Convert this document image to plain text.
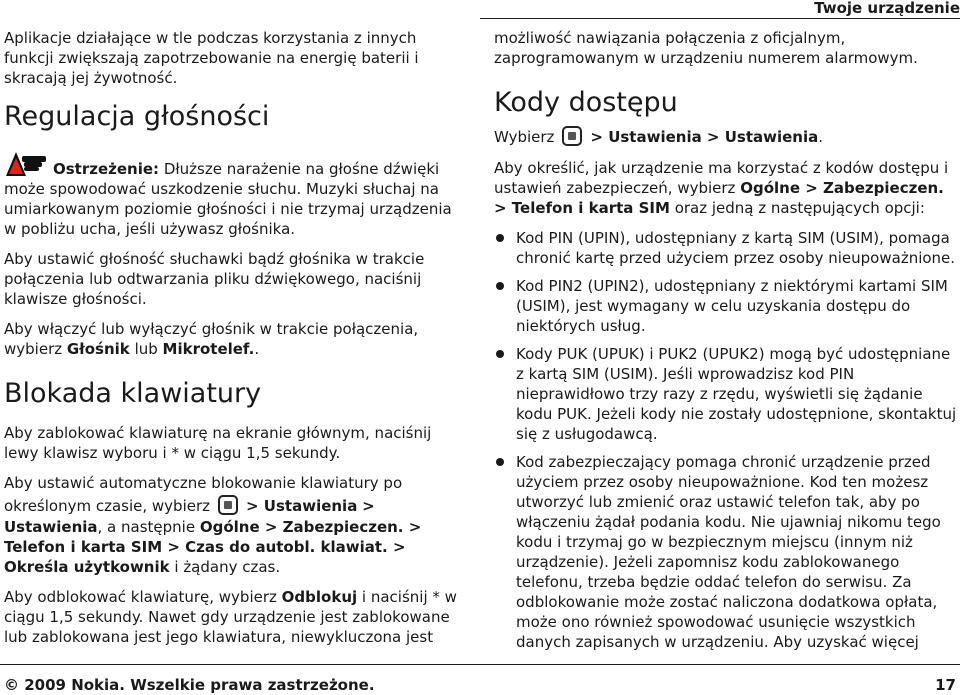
Twoje urządzenie

Aplikacje działające w tle podczas korzystania z innych funkcji zwiększają zapotrzebowanie na energię baterii i skracają jej żywotność.

Regulacja głośności

Ostrzeżenie: Dłuższe narażenie na głośne dźwięki może spowodować uszkodzenie słuchu. Muzyki słuchaj na umiarkowanym poziomie głośności i nie trzymaj urządzenia w pobliżu ucha, jeśli używasz głośnika.

Aby ustawić głośność słuchawki bądź głośnika w trakcie połączenia lub odtwarzania pliku dźwiękowego, naciśnij klawisze głośności.

Aby włączyć lub wyłączyć głośnik w trakcie połączenia, wybierz Głośnik lub Mikrotelef..

Blokada klawiatury

Aby zablokować klawiaturę na ekranie głównym, naciśnij lewy klawisz wyboru i * w ciągu 1,5 sekundy.

Aby ustawić automatyczne blokowanie klawiatury po określonym czasie, wybierz > Ustawienia > Ustawienia, a następnie Ogólne > Zabezpieczen. > Telefon i karta SIM > Czas do autobl. klawiat. > Określa użytkownik i żądany czas.

Aby odblokować klawiaturę, wybierz Odblokuj i naciśnij * w ciągu 1,5 sekundy. Nawet gdy urządzenie jest zablokowane lub zablokowana jest jego klawiatura, niewykluczona jest

możliwość nawiązania połączenia z oficjalnym, zaprogramowanym w urządzeniu numerem alarmowym.

Kody dostępu

Wybierz > Ustawienia > Ustawienia.

Aby określić, jak urządzenie ma korzystać z kodów dostępu i ustawień zabezpieczeń, wybierz Ogólne > Zabezpieczen. > Telefon i karta SIM oraz jedną z następujących opcji:

Kod PIN (UPIN), udostępniany z kartą SIM (USIM), pomaga chronić kartę przed użyciem przez osoby nieupoważnione.
Kod PIN2 (UPIN2), udostępniany z niektórymi kartami SIM (USIM), jest wymagany w celu uzyskania dostępu do niektórych usług.
Kody PUK (UPUK) i PUK2 (UPUK2) mogą być udostępniane z kartą SIM (USIM). Jeśli wprowadzisz kod PIN nieprawidłowo trzy razy z rzędu, wyświetli się żądanie kodu PUK. Jeżeli kody nie zostały udostępnione, skontaktuj się z usługodawcą.
Kod zabezpieczający pomaga chronić urządzenie przed użyciem przez osoby nieupoważnione. Kod ten możesz utworzyć lub zmienić oraz ustawić telefon tak, aby po włączeniu żądał podania kodu. Nie ujawniaj nikomu tego kodu i trzymaj go w bezpiecznym miejscu (innym niż urządzenie). Jeżeli zapomnisz kodu zablokowanego telefonu, trzeba będzie oddać telefon do serwisu. Za odblokowanie może zostać naliczona dodatkowa opłata, może ono również spowodować usunięcie wszystkich danych zapisanych w urządzeniu. Aby uzyskać więcej
© 2009 Nokia. Wszelkie prawa zastrzeżone.	17
